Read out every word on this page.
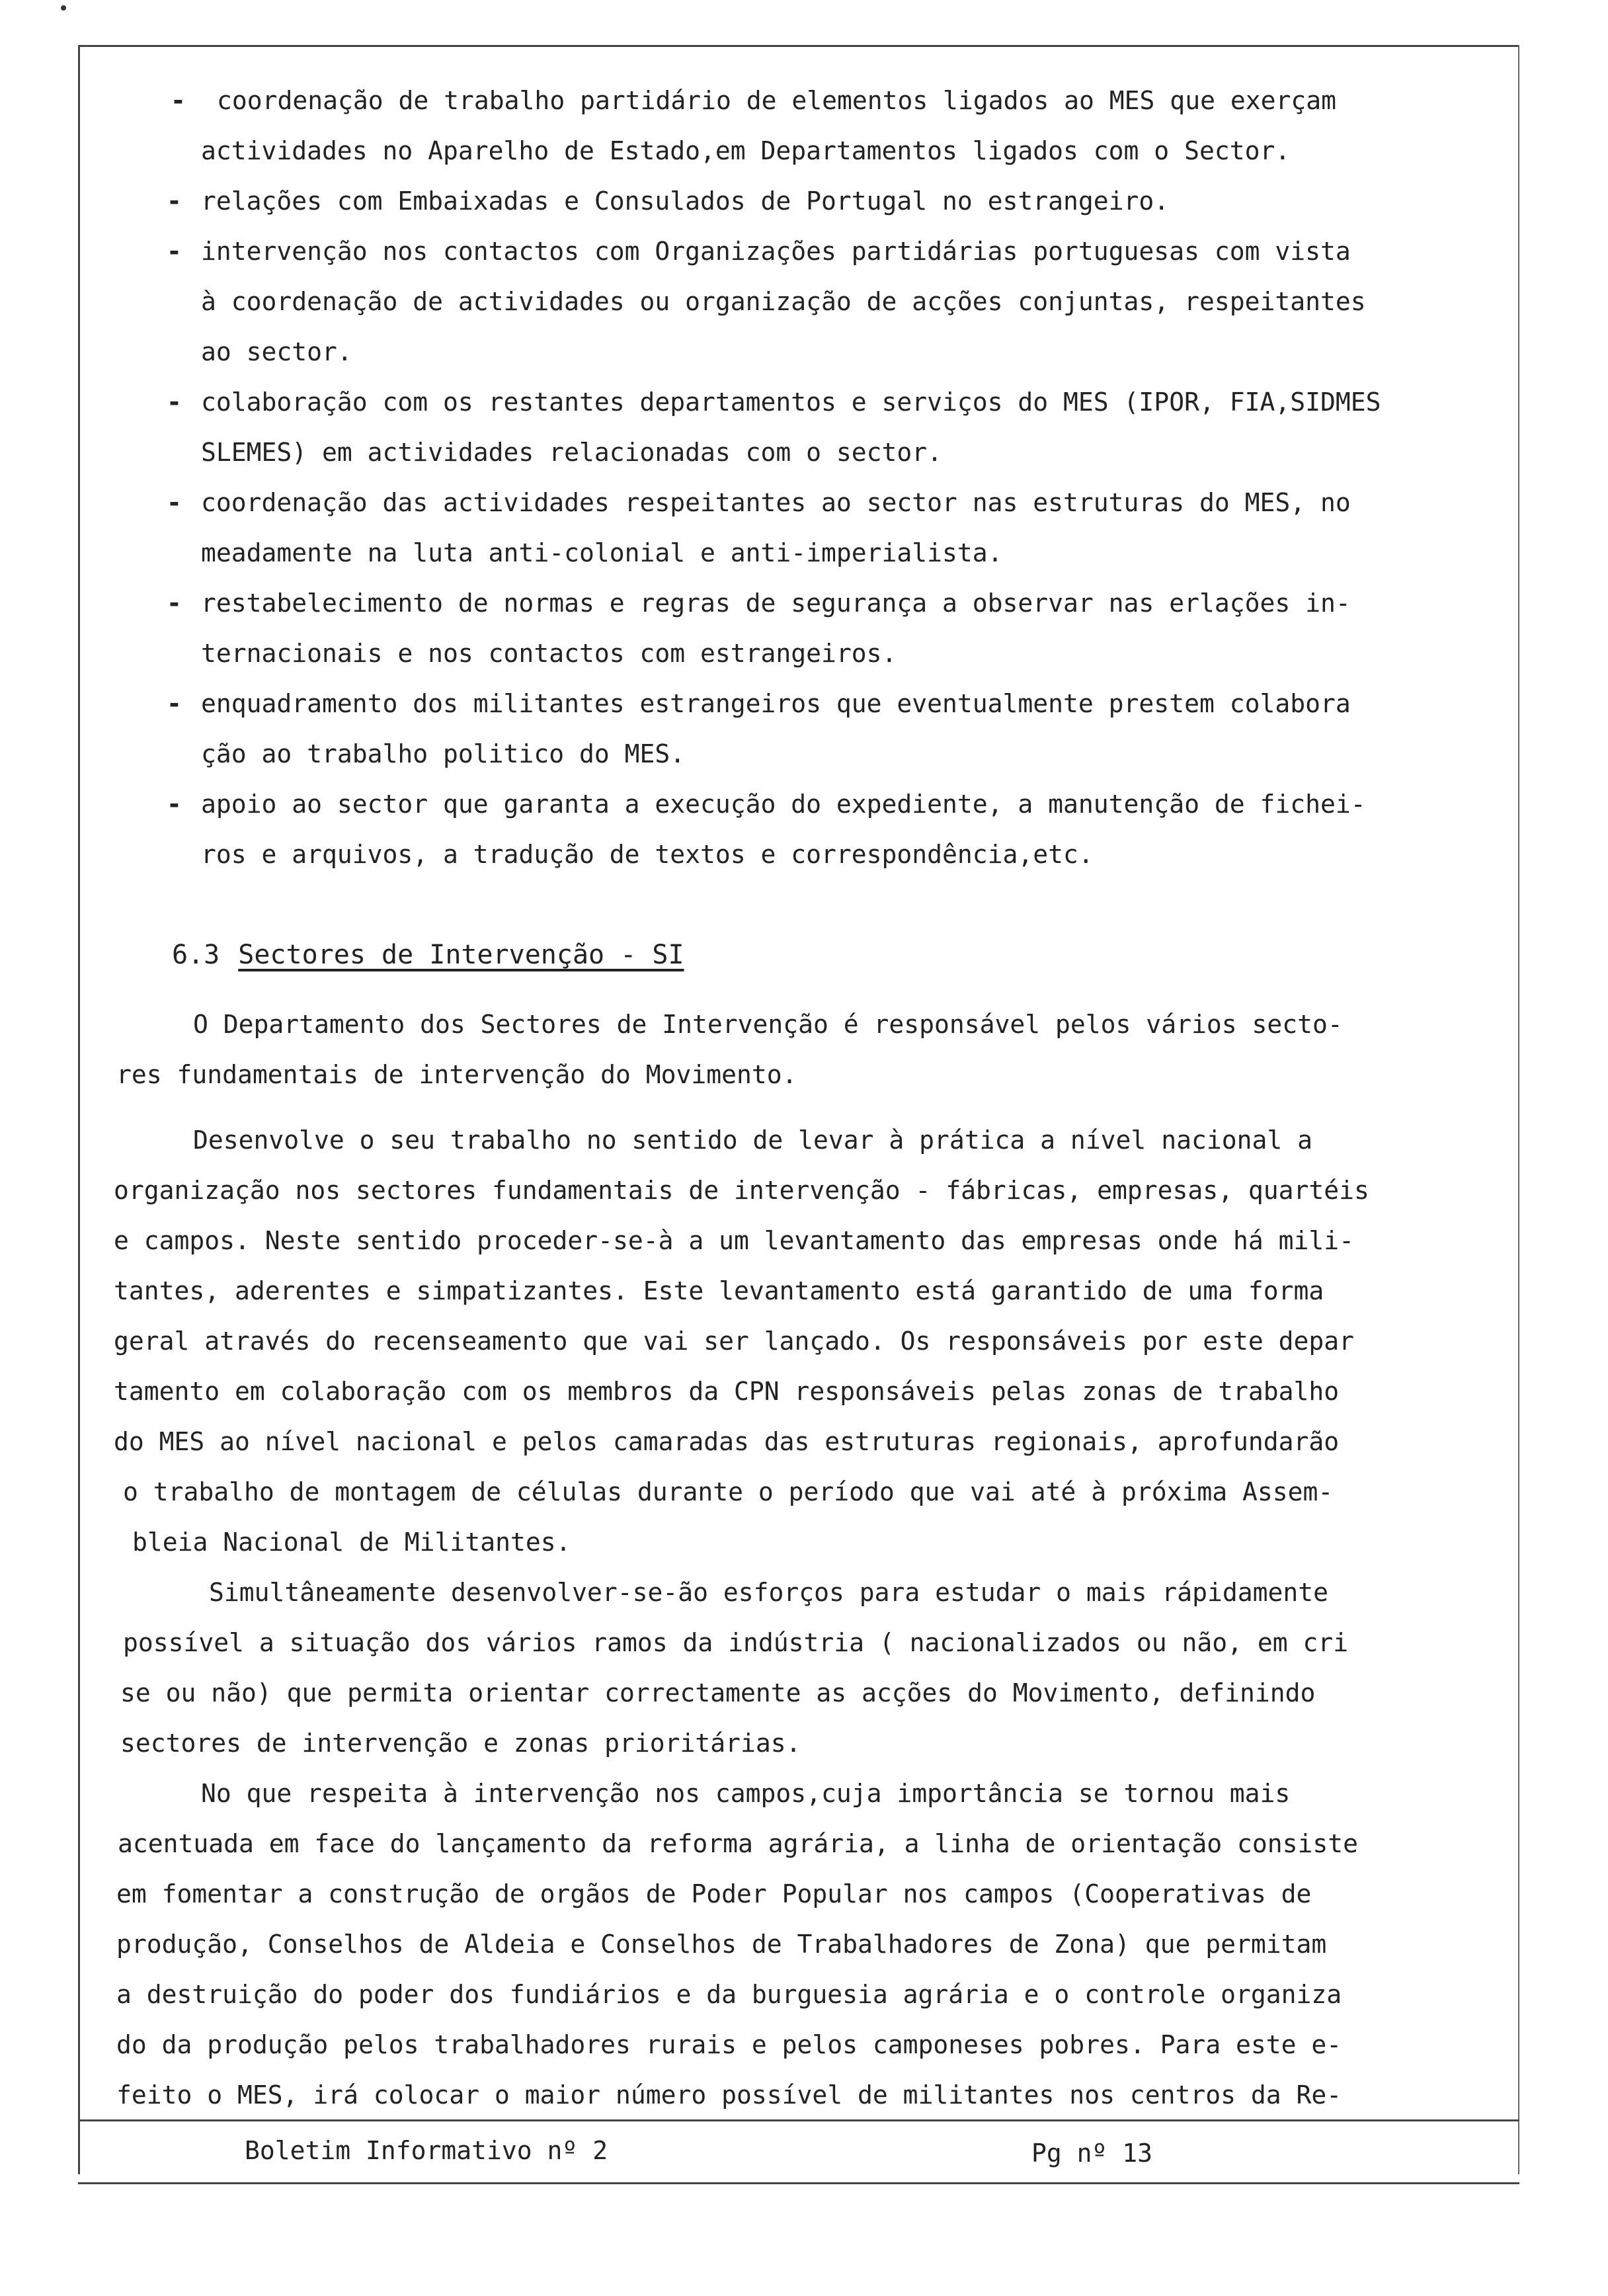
- coordenação de trabalho partidário de elementos ligados ao MES que exerçam
actividades no Aparelho de Estado,em Departamentos ligados com o Sector.
- relações com Embaixadas e Consulados de Portugal no estrangeiro.
- intervenção nos contactos com Organizações partidárias portuguesas com vista
à coordenação de actividades ou organização de acções conjuntas, respeitantes
ao sector.
- colaboração com os restantes departamentos e serviços do MES (IPOR, FIA,SIDMES
SLEMES) em actividades relacionadas com o sector.
- coordenação das actividades respeitantes ao sector nas estruturas do MES, no
meadamente na luta anti-colonial e anti-imperialista.
- restabelecimento de normas e regras de segurança a observar nas erlações in-
ternacionais e nos contactos com estrangeiros.
- enquadramento dos militantes estrangeiros que eventualmente prestem colabora
ção ao trabalho politico do MES.
- apoio ao sector que garanta a execução do expediente, a manutenção de fichei-
ros e arquivos, a tradução de textos e correspondência,etc.
6.3 Sectores de Intervenção - SI
O Departamento dos Sectores de Intervenção é responsável pelos vários secto-
res fundamentais de intervenção do Movimento.
Desenvolve o seu trabalho no sentido de levar à prática a nível nacional a
organização nos sectores fundamentais de intervenção - fábricas, empresas, quartéis
e campos. Neste sentido proceder-se-à a um levantamento das empresas onde há mili-
tantes, aderentes e simpatizantes. Este levantamento está garantido de uma forma
geral através do recenseamento que vai ser lançado. Os responsáveis por este depar
tamento em colaboração com os membros da CPN responsáveis pelas zonas de trabalho
do MES ao nível nacional e pelos camaradas das estruturas regionais, aprofundarão
o trabalho de montagem de células durante o período que vai até à próxima Assem-
bleia Nacional de Militantes.
Simultâneamente desenvolver-se-ão esforços para estudar o mais rápidamente
possível a situação dos vários ramos da indústria ( nacionalizados ou não, em cri
se ou não) que permita orientar correctamente as acções do Movimento, definindo
sectores de intervenção e zonas prioritárias.
No que respeita à intervenção nos campos,cuja importância se tornou mais
acentuada em face do lançamento da reforma agrária, a linha de orientação consiste
em fomentar a construção de orgãos de Poder Popular nos campos (Cooperativas de
produção, Conselhos de Aldeia e Conselhos de Trabalhadores de Zona) que permitam
a destruição do poder dos fundiários e da burguesia agrária e o controle organiza
do da produção pelos trabalhadores rurais e pelos camponeses pobres. Para este e-
feito o MES, irá colocar o maior número possível de militantes nos centros da Re-
Boletim Informativo nº 2	Pg nº 13
